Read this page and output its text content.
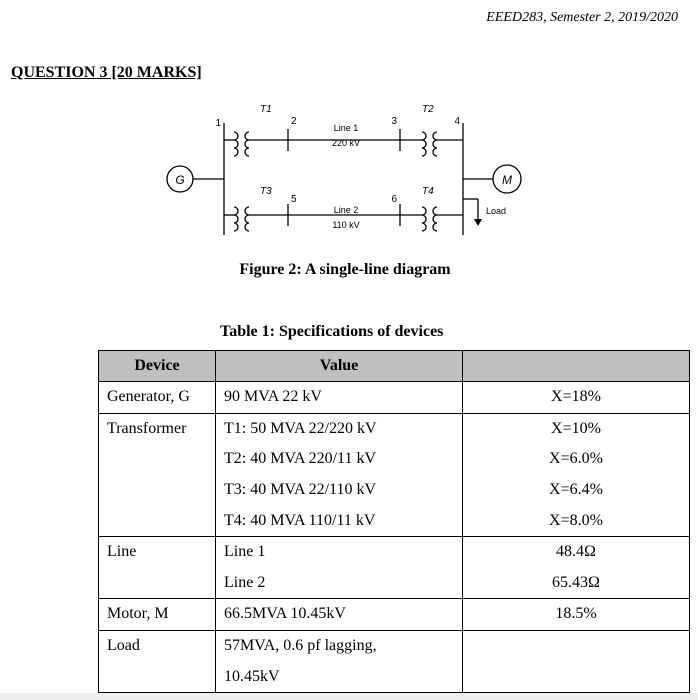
EEED283, Semester 2, 2019/2020
QUESTION 3 [20 MARKS]
G	M
Load
1	2	3	4
5	6
T1	T2
T3	T4
Line 1
220 kV
Line 2
110 kV
Figure 2: A single-line diagram
Table 1: Specifications of devices
Device	Value	
Generator, G	90 MVA 22 kV	X=18%
Transformer	T1: 50 MVA 22/220 kV	X=10%
	T2: 40 MVA 220/11 kV	X=6.0%
	T3: 40 MVA 22/110 kV	X=6.4%
	T4: 40 MVA 110/11 kV	X=8.0%
Line	Line 1	48.4Ω
	Line 2	65.43Ω
Motor, M	66.5MVA 10.45kV	18.5%
Load	57MVA, 0.6 pf lagging,	
	10.45kV	
